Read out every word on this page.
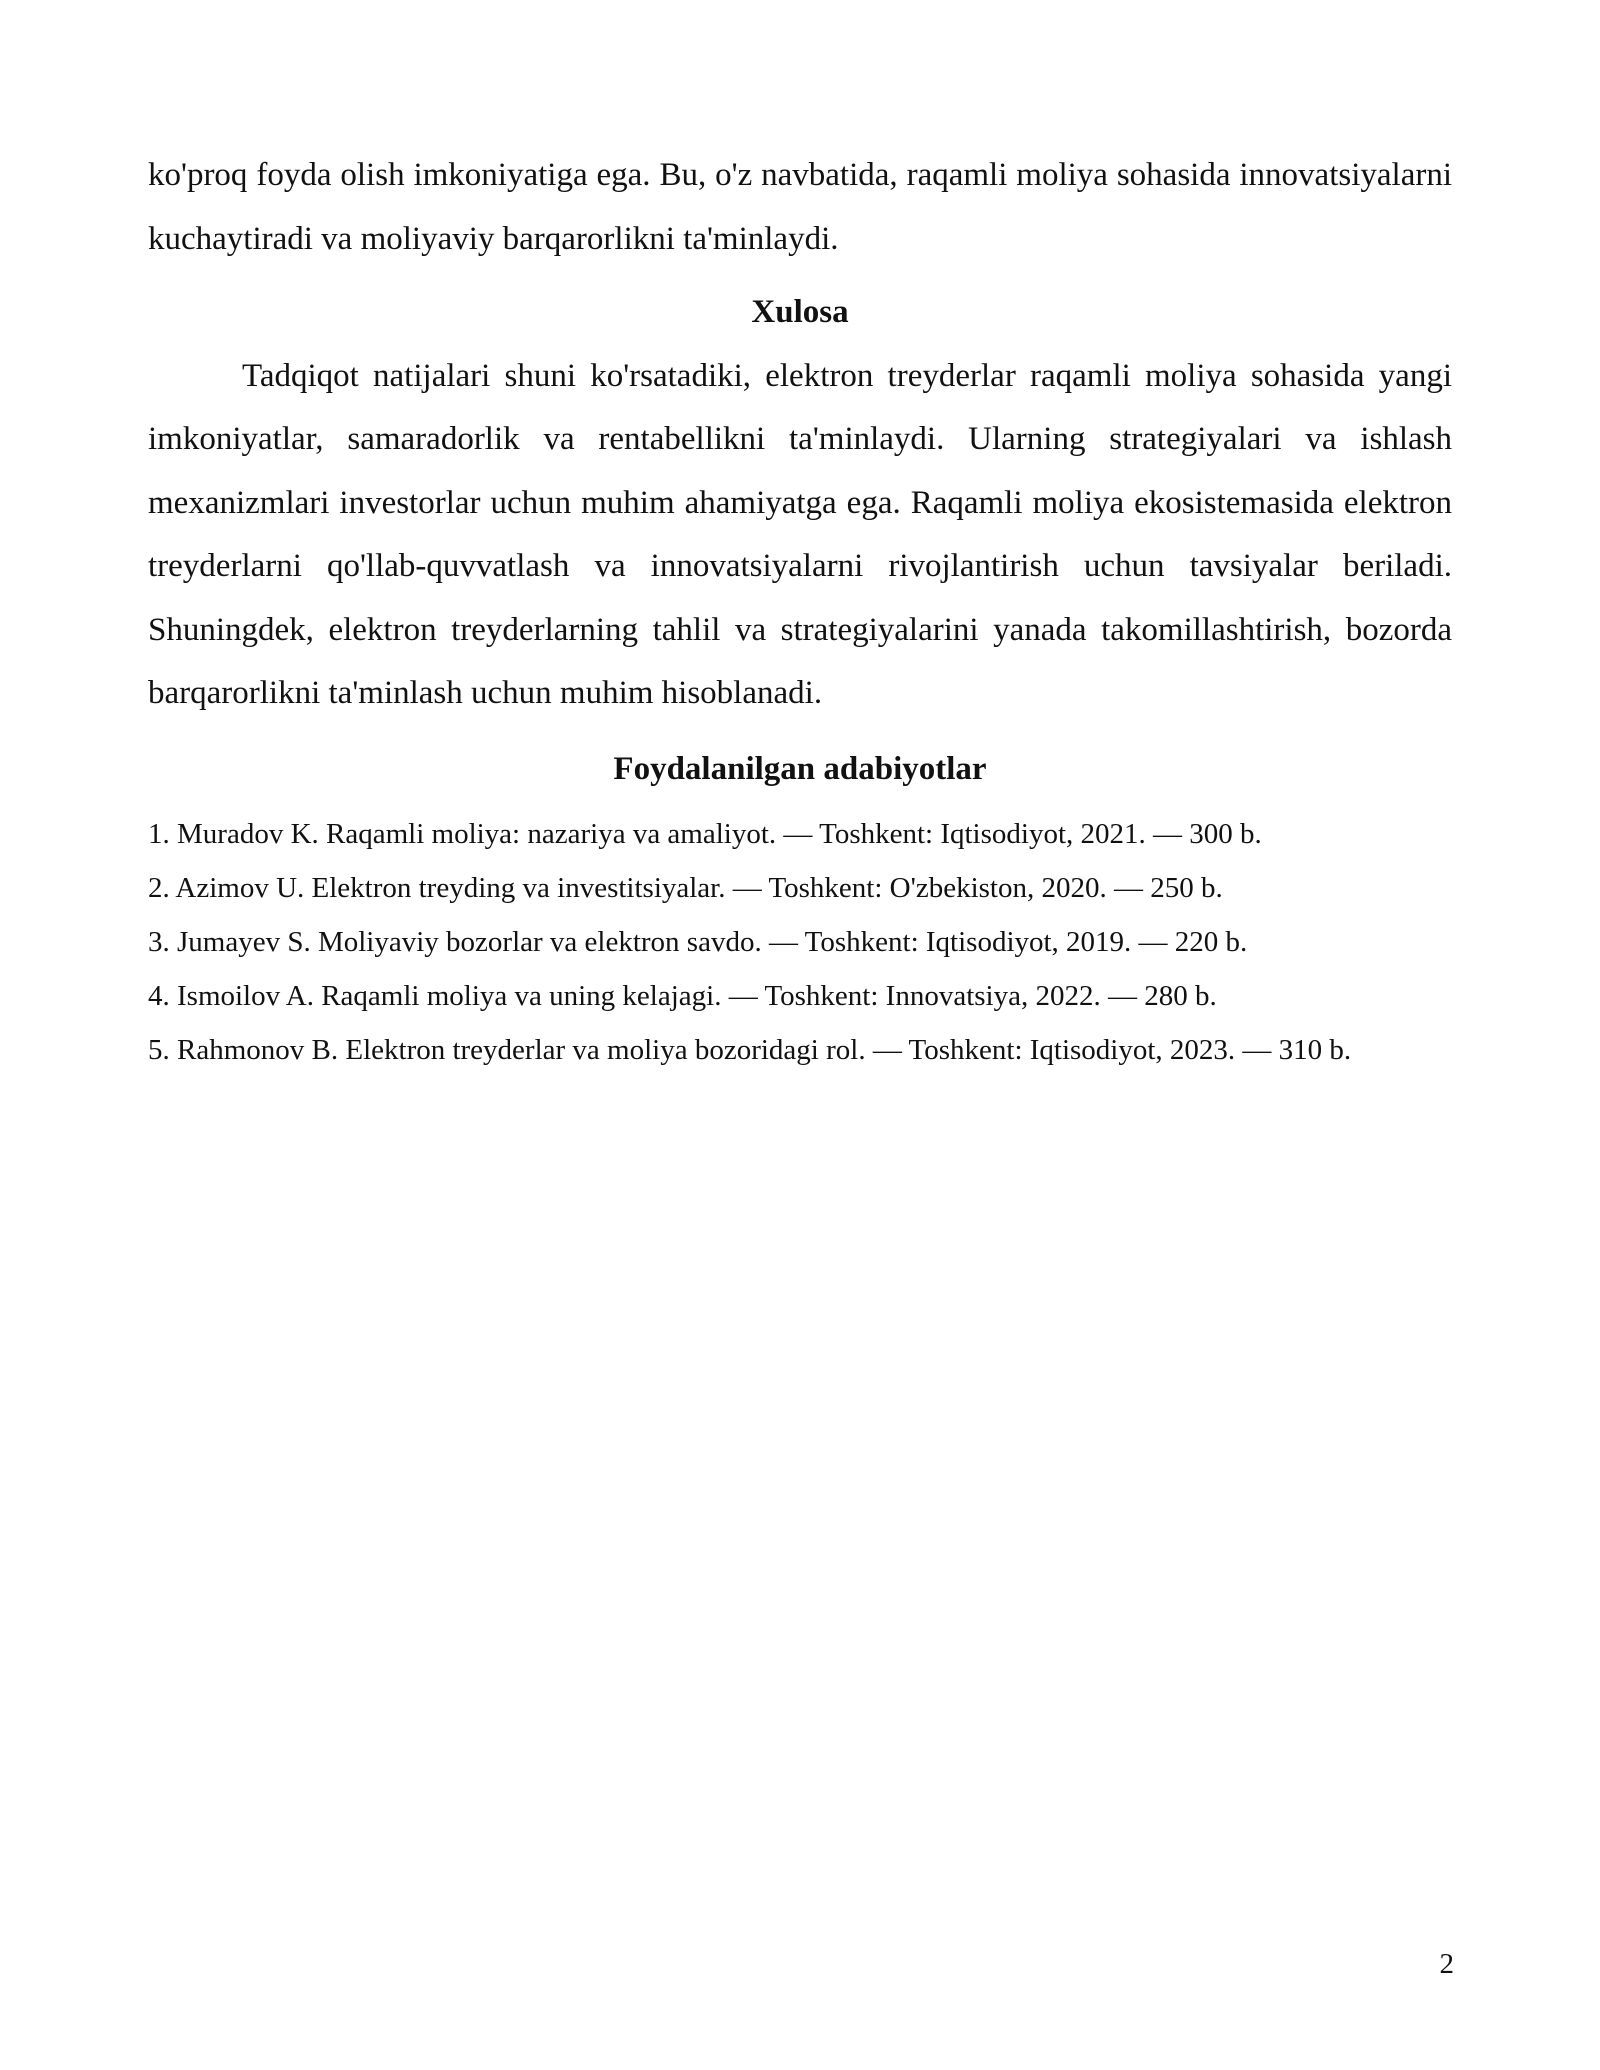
ko'proq foyda olish imkoniyatiga ega. Bu, o'z navbatida, raqamli moliya sohasida innovatsiyalarni kuchaytiradi va moliyaviy barqarorlikni ta'minlaydi.

Xulosa

Tadqiqot natijalari shuni ko'rsatadiki, elektron treyderlar raqamli moliya sohasida yangi imkoniyatlar, samaradorlik va rentabellikni ta'minlaydi. Ularning strategiyalari va ishlash mexanizmlari investorlar uchun muhim ahamiyatga ega. Raqamli moliya ekosistemasida elektron treyderlarni qo'llab-quvvatlash va innovatsiyalarni rivojlantirish uchun tavsiyalar beriladi. Shuningdek, elektron treyderlarning tahlil va strategiyalarini yanada takomillashtirish, bozorda barqarorlikni ta'minlash uchun muhim hisoblanadi.

Foydalanilgan adabiyotlar

1. Muradov K. Raqamli moliya: nazariya va amaliyot. — Toshkent: Iqtisodiyot, 2021. — 300 b.

2. Azimov U. Elektron treyding va investitsiyalar. — Toshkent: O'zbekiston, 2020. — 250 b.

3. Jumayev S. Moliyaviy bozorlar va elektron savdo. — Toshkent: Iqtisodiyot, 2019. — 220 b.

4. Ismoilov A. Raqamli moliya va uning kelajagi. — Toshkent: Innovatsiya, 2022. — 280 b.

5. Rahmonov B. Elektron treyderlar va moliya bozoridagi rol. — Toshkent: Iqtisodiyot, 2023. — 310 b.

2
